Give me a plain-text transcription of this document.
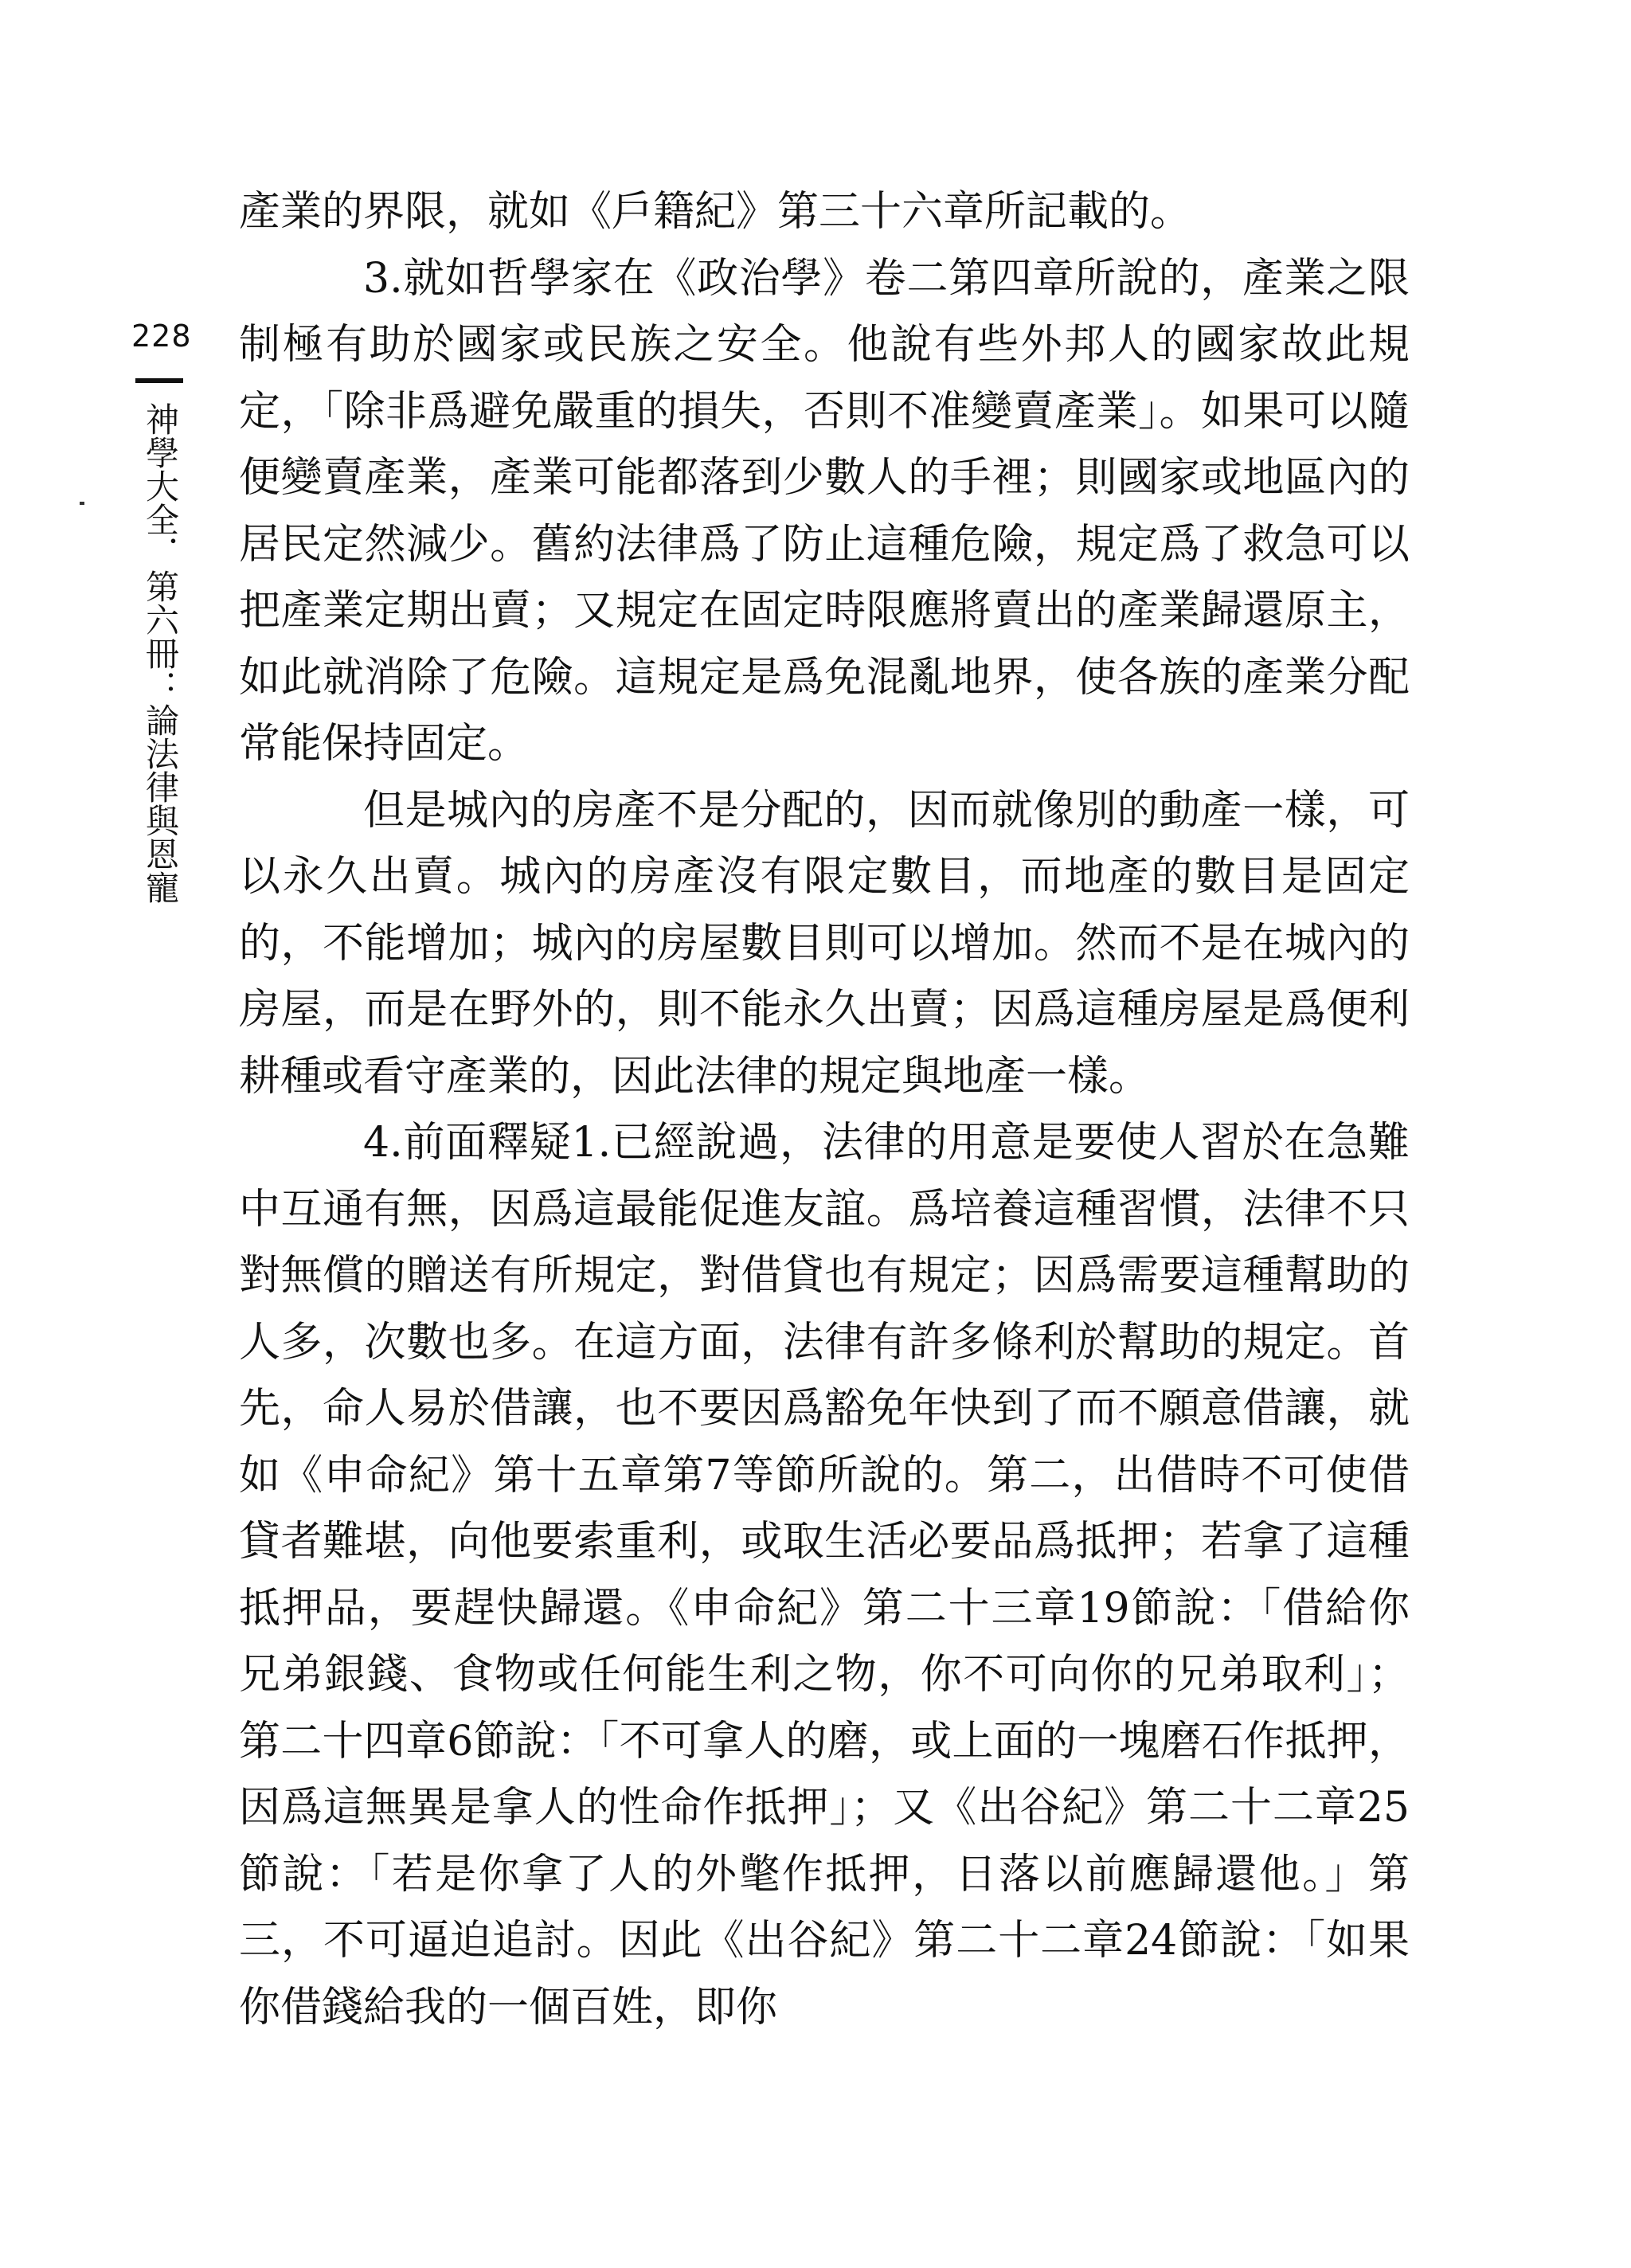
228
神學大全．第六冊：論法律與恩寵

產業的界限，就如《戶籍紀》第三十六章所記載的。

3.就如哲學家在《政治學》卷二第四章所說的，產業之限制極有助於國家或民族之安全。他說有些外邦人的國家故此規定，「除非爲避免嚴重的損失，否則不准變賣產業」。如果可以隨便變賣產業，產業可能都落到少數人的手裡；則國家或地區內的居民定然減少。舊約法律爲了防止這種危險，規定爲了救急可以把產業定期出賣；又規定在固定時限應將賣出的產業歸還原主，如此就消除了危險。這規定是爲免混亂地界，使各族的產業分配常能保持固定。

但是城內的房產不是分配的，因而就像別的動產一樣，可以永久出賣。城內的房產沒有限定數目，而地產的數目是固定的，不能增加；城內的房屋數目則可以增加。然而不是在城內的房屋，而是在野外的，則不能永久出賣；因爲這種房屋是爲便利耕種或看守產業的，因此法律的規定與地產一樣。

4.前面釋疑1.已經說過，法律的用意是要使人習於在急難中互通有無，因爲這最能促進友誼。爲培養這種習慣，法律不只對無償的贈送有所規定，對借貸也有規定；因爲需要這種幫助的人多，次數也多。在這方面，法律有許多條利於幫助的規定。首先，命人易於借讓，也不要因爲豁免年快到了而不願意借讓，就如《申命紀》第十五章第7等節所說的。第二，出借時不可使借貸者難堪，向他要索重利，或取生活必要品爲抵押；若拿了這種抵押品，要趕快歸還。《申命紀》第二十三章19節說：「借給你兄弟銀錢、食物或任何能生利之物，你不可向你的兄弟取利」；第二十四章6節說：「不可拿人的磨，或上面的一塊磨石作抵押，因爲這無異是拿人的性命作抵押」；又《出谷紀》第二十二章25節說：「若是你拿了人的外氅作抵押，日落以前應歸還他。」第三，不可逼迫追討。因此《出谷紀》第二十二章24節說：「如果你借錢給我的一個百姓，即你
